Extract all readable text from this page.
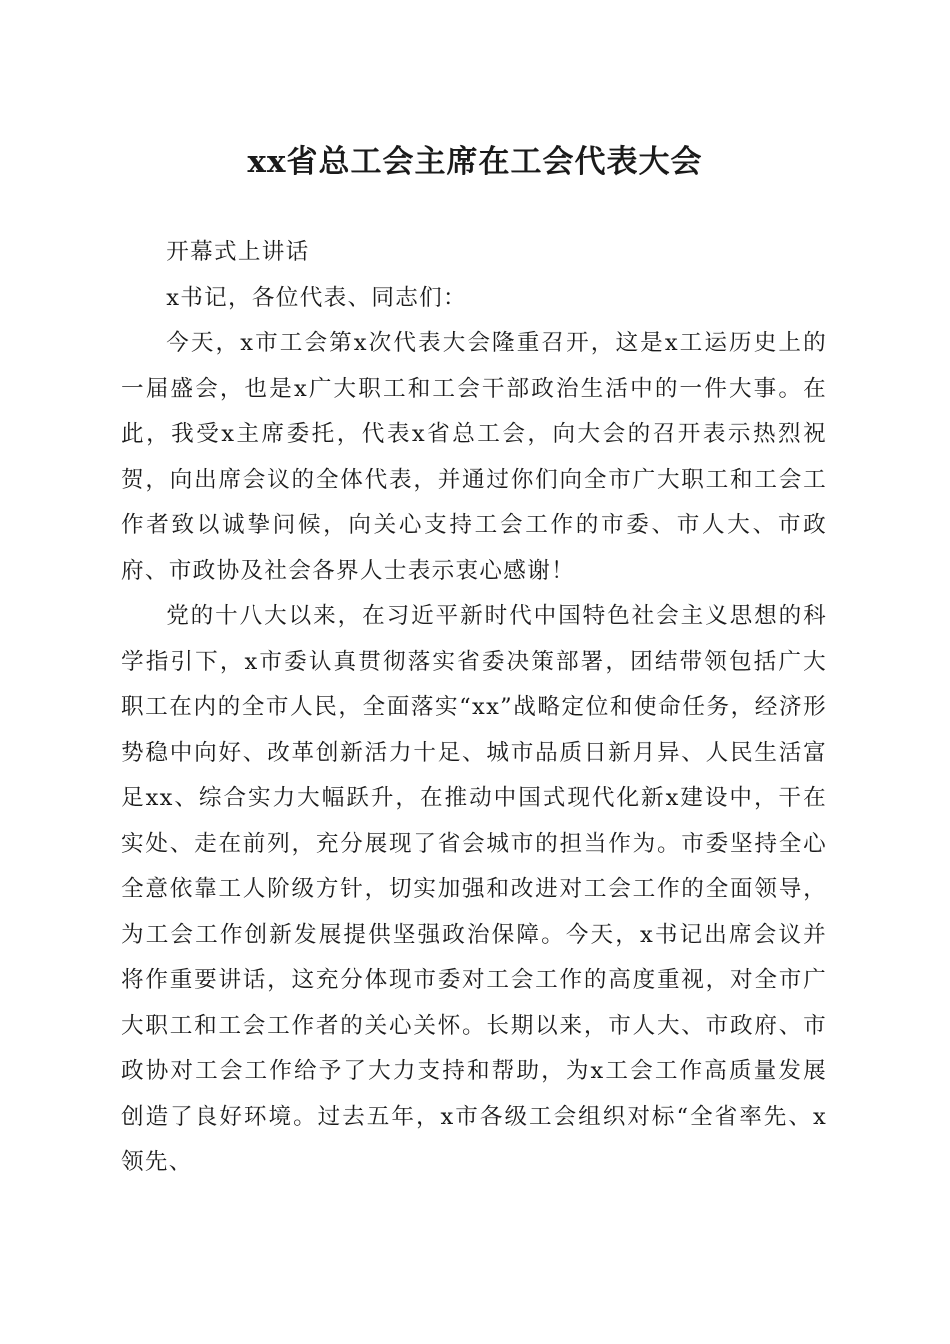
xx省总工会主席在工会代表大会

开幕式上讲话

x书记，各位代表、同志们：

今天，x市工会第x次代表大会隆重召开，这是x工运历史上的一届盛会，也是x广大职工和工会干部政治生活中的一件大事。在此，我受x主席委托，代表x省总工会，向大会的召开表示热烈祝贺，向出席会议的全体代表，并通过你们向全市广大职工和工会工作者致以诚挚问候，向关心支持工会工作的市委、市人大、市政府、市政协及社会各界人士表示衷心感谢！

党的十八大以来，在习近平新时代中国特色社会主义思想的科学指引下，x市委认真贯彻落实省委决策部署，团结带领包括广大职工在内的全市人民，全面落实“xx”战略定位和使命任务，经济形势稳中向好、改革创新活力十足、城市品质日新月异、人民生活富足xx、综合实力大幅跃升，在推动中国式现代化新x建设中，干在实处、走在前列，充分展现了省会城市的担当作为。市委坚持全心全意依靠工人阶级方针，切实加强和改进对工会工作的全面领导，为工会工作创新发展提供坚强政治保障。今天，x书记出席会议并将作重要讲话，这充分体现市委对工会工作的高度重视，对全市广大职工和工会工作者的关心关怀。长期以来，市人大、市政府、市政协对工会工作给予了大力支持和帮助，为x工会工作高质量发展创造了良好环境。过去五年，x市各级工会组织对标“全省率先、x领先、
